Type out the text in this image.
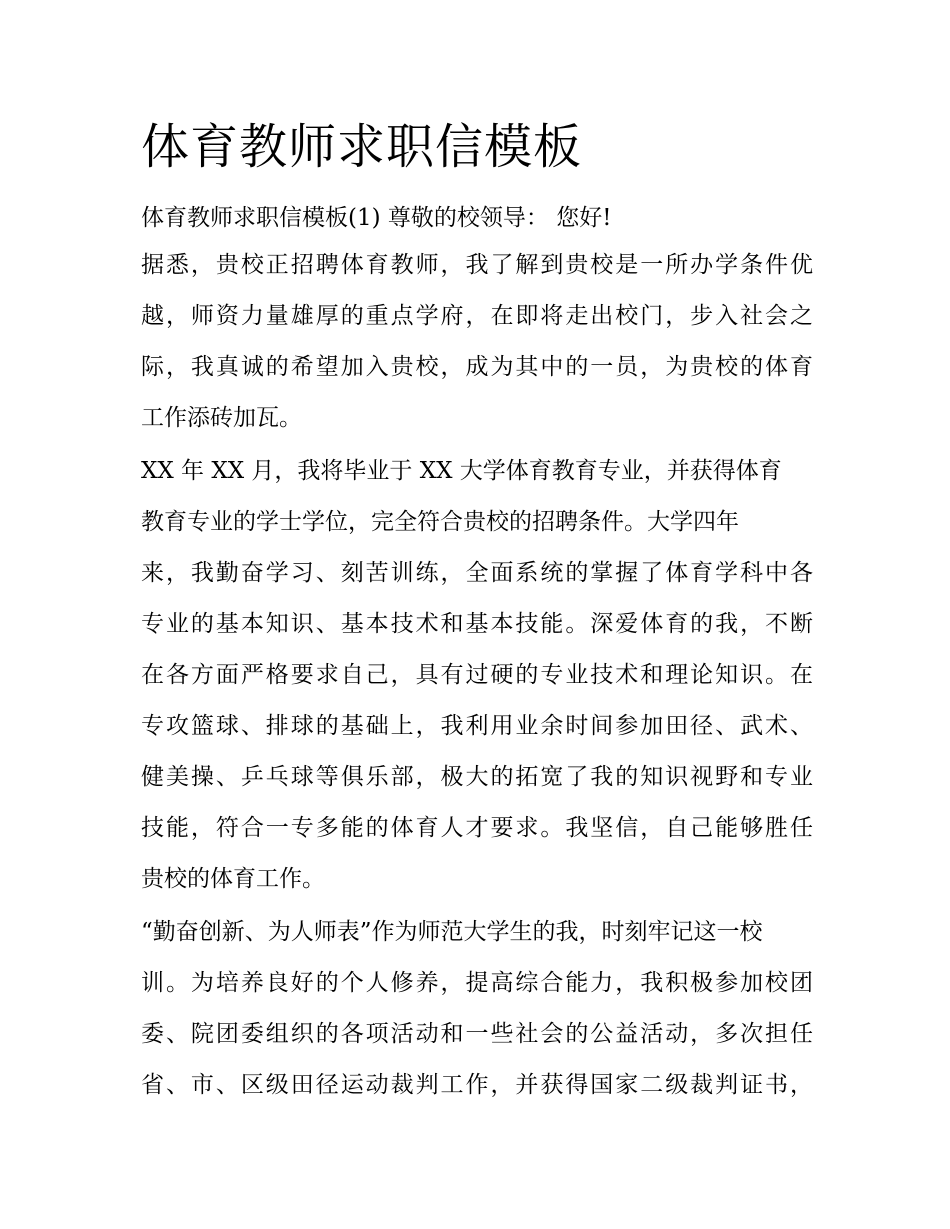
体育教师求职信模板

体育教师求职信模板(1) 尊敬的校领导： 您好!

据悉，贵校正招聘体育教师，我了解到贵校是一所办学条件优
越，师资力量雄厚的重点学府，在即将走出校门，步入社会之
际，我真诚的希望加入贵校，成为其中的一员，为贵校的体育
工作添砖加瓦。
XX 年 XX 月，我将毕业于 XX 大学体育教育专业，并获得体育
教育专业的学士学位，完全符合贵校的招聘条件。大学四年
来，我勤奋学习、刻苦训练，全面系统的掌握了体育学科中各
专业的基本知识、基本技术和基本技能。深爱体育的我，不断
在各方面严格要求自己，具有过硬的专业技术和理论知识。在
专攻篮球、排球的基础上，我利用业余时间参加田径、武术、
健美操、乒乓球等俱乐部，极大的拓宽了我的知识视野和专业
技能，符合一专多能的体育人才要求。我坚信，自己能够胜任
贵校的体育工作。
“勤奋创新、为人师表”作为师范大学生的我，时刻牢记这一校
训。为培养良好的个人修养，提高综合能力，我积极参加校团
委、院团委组织的各项活动和一些社会的公益活动，多次担任
省、市、区级田径运动裁判工作，并获得国家二级裁判证书，
